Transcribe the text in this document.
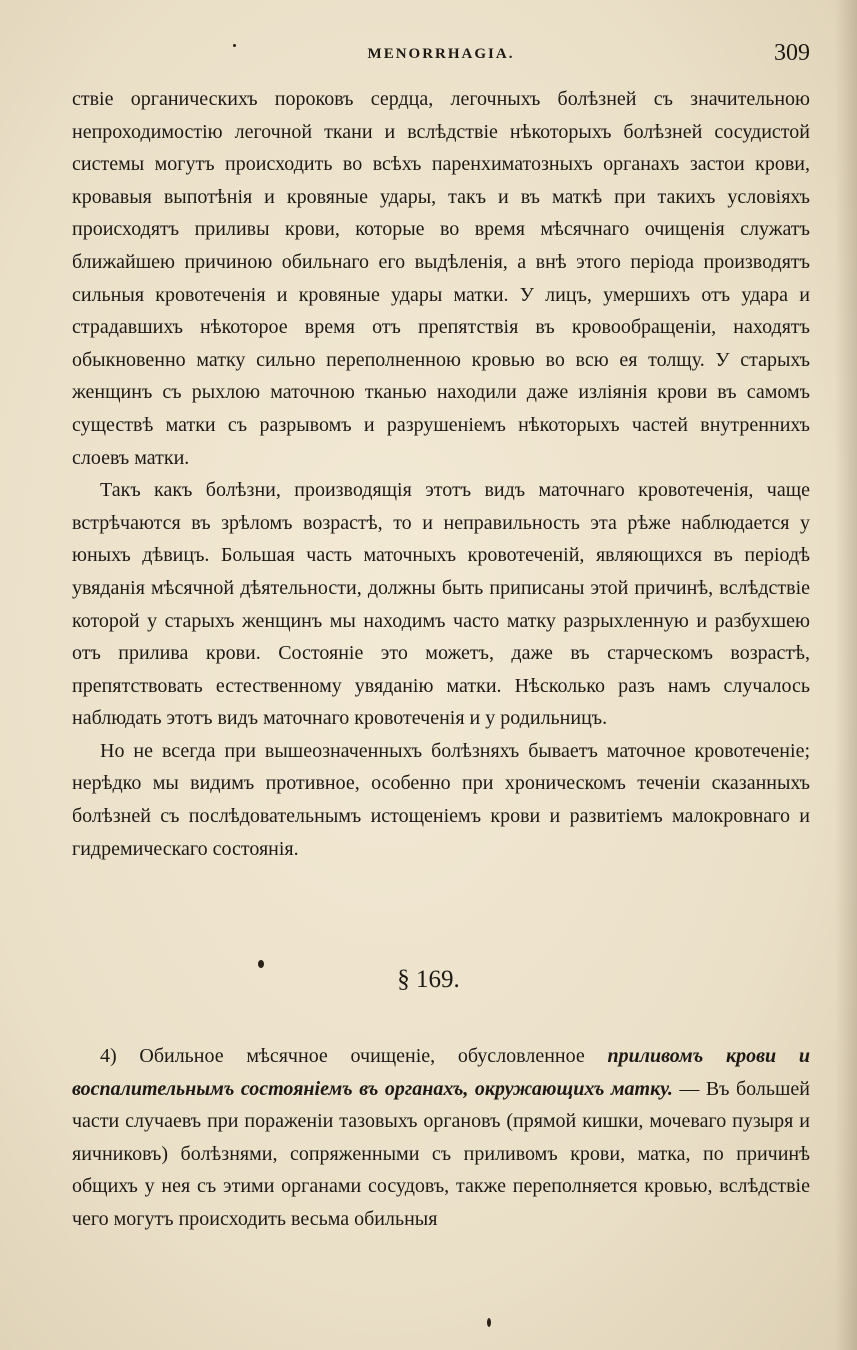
MENORRHAGIA.	309

ствіе органическихъ пороковъ сердца, легочныхъ болѣзней съ значительною непроходимостію легочной ткани и вслѣдствіе нѣкоторыхъ болѣзней сосудистой системы могутъ происходить во всѣхъ паренхиматозныхъ органахъ застои крови, кровавыя выпотѣнія и кровяные удары, такъ и въ маткѣ при такихъ условіяхъ происходятъ приливы крови, которые во время мѣсячнаго очищенія служатъ ближайшею причиною обильнаго его выдѣленія, а внѣ этого періода производятъ сильныя кровотеченія и кровяные удары матки. У лицъ, умершихъ отъ удара и страдавшихъ нѣкоторое время отъ препятствія въ кровообращеніи, находятъ обыкновенно матку сильно переполненною кровью во всю ея толщу. У старыхъ женщинъ съ рыхлою маточною тканью находили даже излiянія крови въ самомъ существѣ матки съ разрывомъ и разрушеніемъ нѣкоторыхъ частей внутреннихъ слоевъ матки.

Такъ какъ болѣзни, производящія этотъ видъ маточнаго кровотеченія, чаще встрѣчаются въ зрѣломъ возрастѣ, то и неправильность эта рѣже наблюдается у юныхъ дѣвицъ. Большая часть маточныхъ кровотеченій, являющихся въ періодѣ увяданія мѣсячной дѣятельности, должны быть приписаны этой причинѣ, вслѣдствіе которой у старыхъ женщинъ мы находимъ часто матку разрыхленную и разбухшею отъ прилива крови. Состояніе это можетъ, даже въ старческомъ возрастѣ, препятствовать естественному увяданію матки. Нѣсколько разъ намъ случалось наблюдать этотъ видъ маточнаго кровотеченія и у родильницъ.

Но не всегда при вышеозначенныхъ болѣзняхъ бываетъ маточное кровотеченіе; нерѣдко мы видимъ противное, особенно при хроническомъ теченіи сказанныхъ болѣзней съ послѣдовательнымъ истощеніемъ крови и развитіемъ малокровнаго и гидремическаго состоянія.

§ 169.

4) Обильное мѣсячное очищеніе, обусловленное приливомъ крови и воспалительнымъ состояніемъ въ органахъ, окружающихъ матку. — Въ большей части случаевъ при пораженіи тазовыхъ органовъ (прямой кишки, мочеваго пузыря и яичниковъ) болѣзнями, сопряженными съ приливомъ крови, матка, по причинѣ общихъ у нея съ этими органами сосудовъ, также переполняется кровью, вслѣдствіе чего могутъ происходить весьма обильныя
